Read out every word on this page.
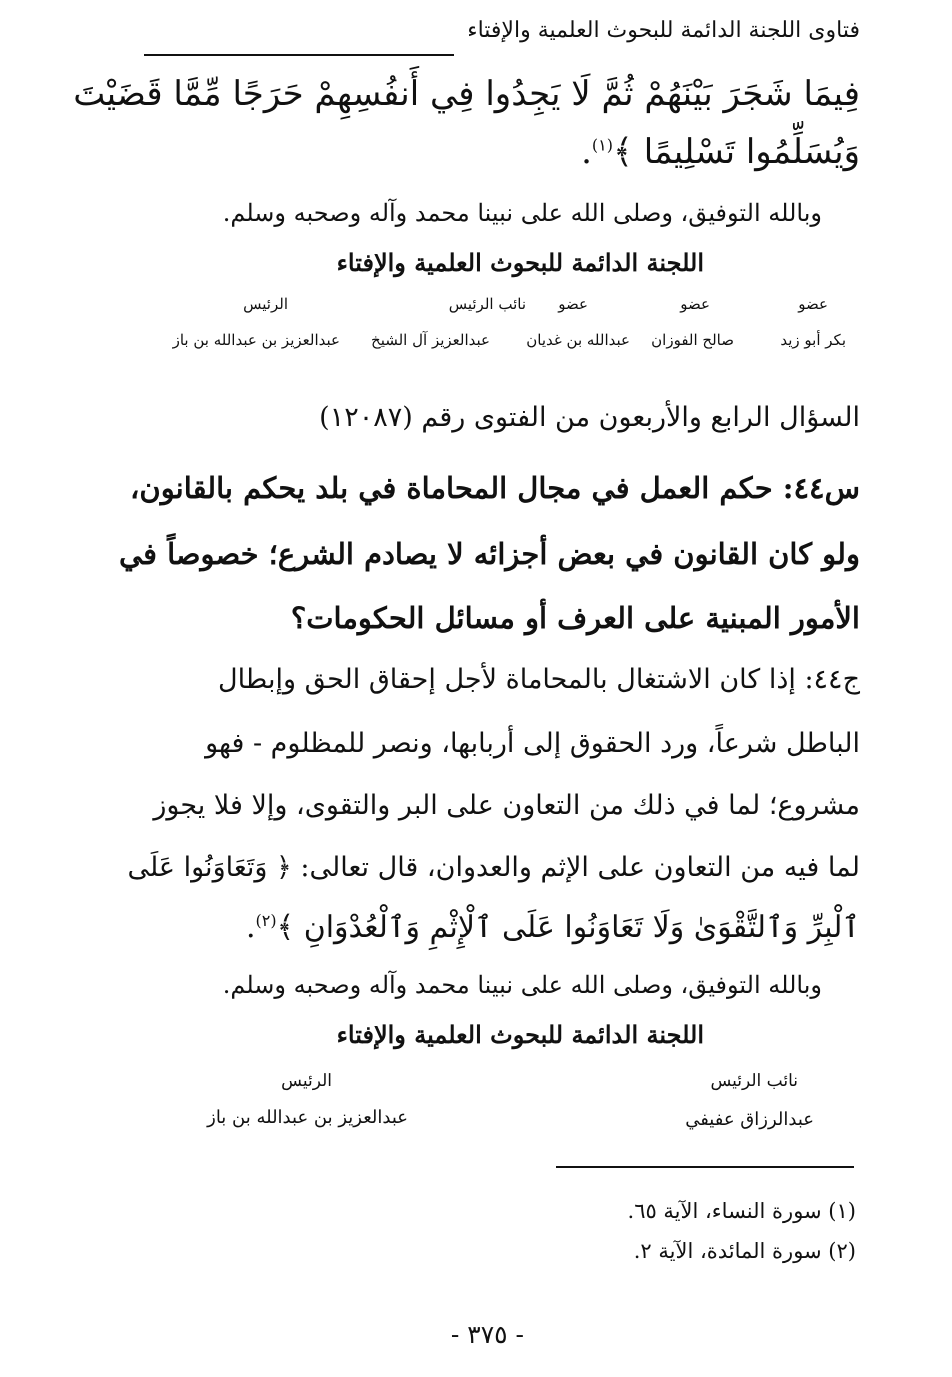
فتاوى اللجنة الدائمة للبحوث العلمية والإفتاء
فِيمَا شَجَرَ بَيْنَهُمْ ثُمَّ لَا يَجِدُوا فِي أَنفُسِهِمْ حَرَجًا مِّمَّا قَضَيْتَ
وَيُسَلِّمُوا تَسْلِيمًا ﴾$^{(١)}$.
وبالله التوفيق، وصلى الله على نبينا محمد وآله وصحبه وسلم.
اللجنة الدائمة للبحوث العلمية والإفتاء
عضو
بكر أبو زيد
عضو
صالح الفوزان
عضو
عبدالله بن غديان
نائب الرئيس
عبدالعزيز آل الشيخ
الرئيس
عبدالعزيز بن عبدالله بن باز
السؤال الرابع والأربعون من الفتوى رقم (١٢٠٨٧)
س٤٤: حكم العمل في مجال المحاماة في بلد يحكم بالقانون،
ولو كان القانون في بعض أجزائه لا يصادم الشرع؛ خصوصاً في
الأمور المبنية على العرف أو مسائل الحكومات؟
ج٤٤: إذا كان الاشتغال بالمحاماة لأجل إحقاق الحق وإبطال
الباطل شرعاً، ورد الحقوق إلى أربابها، ونصر للمظلوم - فهو
مشروع؛ لما في ذلك من التعاون على البر والتقوى، وإلا فلا يجوز
لما فيه من التعاون على الإثم والعدوان، قال تعالى: ﴿ وَتَعَاوَنُوا عَلَى
ٱلْبِرِّ وَٱلتَّقْوَىٰ وَلَا تَعَاوَنُوا عَلَى ٱلْإِثْمِ وَٱلْعُدْوَانِ ﴾$^{(٢)}$.
وبالله التوفيق، وصلى الله على نبينا محمد وآله وصحبه وسلم.
اللجنة الدائمة للبحوث العلمية والإفتاء
نائب الرئيس
عبدالرزاق عفيفي
الرئيس
عبدالعزيز بن عبدالله بن باز
(١) سورة النساء، الآية ٦٥.
(٢) سورة المائدة، الآية ٢.
- ٣٧٥ -
